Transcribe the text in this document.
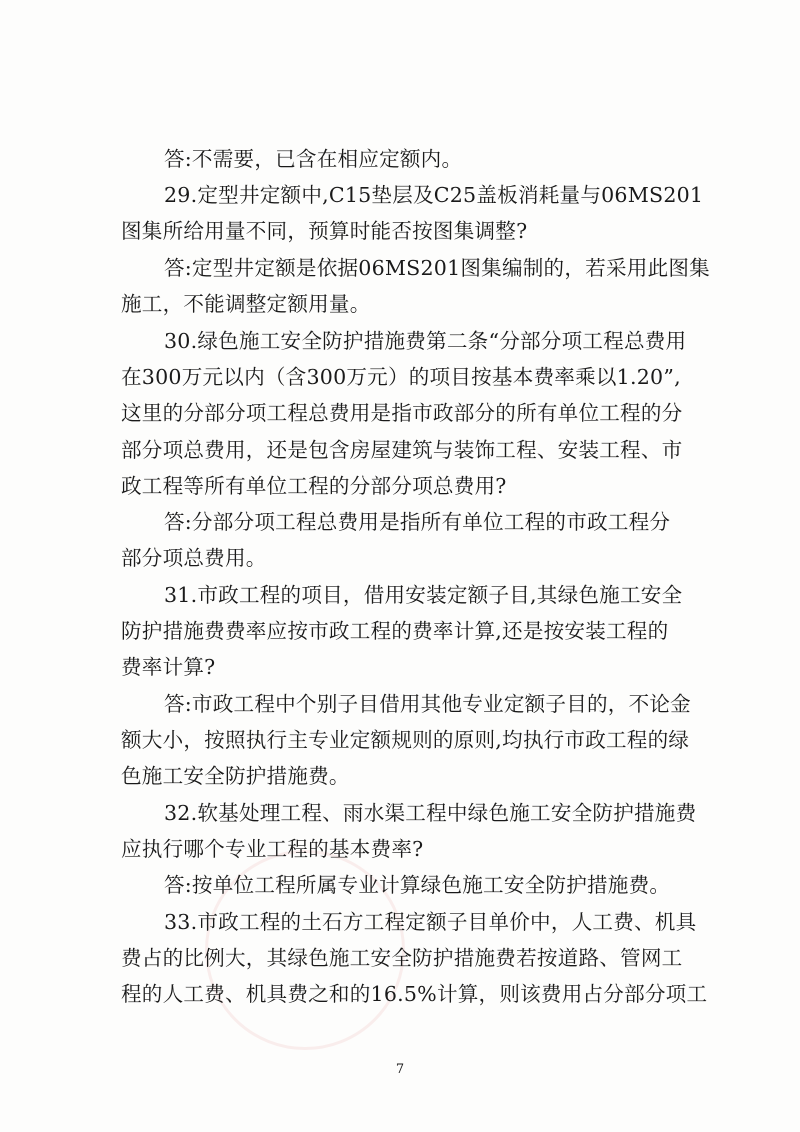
答:不需要，已含在相应定额内。
29.定型井定额中,C15垫层及C25盖板消耗量与06MS201
图集所给用量不同，预算时能否按图集调整?
答:定型井定额是依据06MS201图集编制的，若采用此图集
施工，不能调整定额用量。
30.绿色施工安全防护措施费第二条“分部分项工程总费用
在300万元以内（含300万元）的项目按基本费率乘以1.20”,
这里的分部分项工程总费用是指市政部分的所有单位工程的分
部分项总费用，还是包含房屋建筑与装饰工程、安装工程、市
政工程等所有单位工程的分部分项总费用?
答:分部分项工程总费用是指所有单位工程的市政工程分
部分项总费用。
31.市政工程的项目，借用安装定额子目,其绿色施工安全
防护措施费费率应按市政工程的费率计算,还是按安装工程的
费率计算?
答:市政工程中个别子目借用其他专业定额子目的，不论金
额大小，按照执行主专业定额规则的原则,均执行市政工程的绿
色施工安全防护措施费。
32.软基处理工程、雨水渠工程中绿色施工安全防护措施费
应执行哪个专业工程的基本费率?
答:按单位工程所属专业计算绿色施工安全防护措施费。
33.市政工程的土石方工程定额子目单价中，人工费、机具
费占的比例大，其绿色施工安全防护措施费若按道路、管网工
程的人工费、机具费之和的16.5%计算，则该费用占分部分项工
7
